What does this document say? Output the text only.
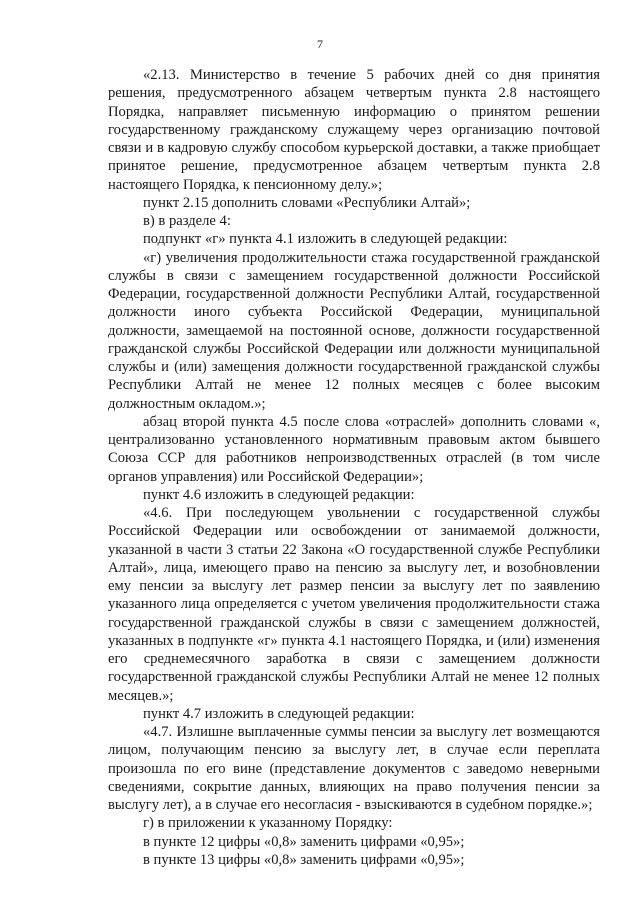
7

«2.13. Министерство в течение 5 рабочих дней со дня принятия решения, предусмотренного абзацем четвертым пункта 2.8 настоящего Порядка, направляет письменную информацию о принятом решении государственному гражданскому служащему через организацию почтовой связи и в кадровую службу способом курьерской доставки, а также приобщает принятое решение, предусмотренное абзацем четвертым пункта 2.8 настоящего Порядка, к пенсионному делу.»;

пункт 2.15 дополнить словами «Республики Алтай»;

в) в разделе 4:

подпункт «г» пункта 4.1 изложить в следующей редакции:

«г) увеличения продолжительности стажа государственной гражданской службы в связи с замещением государственной должности Российской Федерации, государственной должности Республики Алтай, государственной должности иного субъекта Российской Федерации, муниципальной должности, замещаемой на постоянной основе, должности государственной гражданской службы Российской Федерации или должности муниципальной службы и (или) замещения должности государственной гражданской службы Республики Алтай не менее 12 полных месяцев с более высоким должностным окладом.»;

абзац второй пункта 4.5 после слова «отраслей» дополнить словами «, централизованно установленного нормативным правовым актом бывшего Союза ССР для работников непроизводственных отраслей (в том числе органов управления) или Российской Федерации»;

пункт 4.6 изложить в следующей редакции:

«4.6. При последующем увольнении с государственной службы Российской Федерации или освобождении от занимаемой должности, указанной в части 3 статьи 22 Закона «О государственной службе Республики Алтай», лица, имеющего право на пенсию за выслугу лет, и возобновлении ему пенсии за выслугу лет размер пенсии за выслугу лет по заявлению указанного лица определяется с учетом увеличения продолжительности стажа государственной гражданской службы в связи с замещением должностей, указанных в подпункте «г» пункта 4.1 настоящего Порядка, и (или) изменения его среднемесячного заработка в связи с замещением должности государственной гражданской службы Республики Алтай не менее 12 полных месяцев.»;

пункт 4.7 изложить в следующей редакции:

«4.7. Излишне выплаченные суммы пенсии за выслугу лет возмещаются лицом, получающим пенсию за выслугу лет, в случае если переплата произошла по его вине (представление документов с заведомо неверными сведениями, сокрытие данных, влияющих на право получения пенсии за выслугу лет), а в случае его несогласия - взыскиваются в судебном порядке.»;

г) в приложении к указанному Порядку:

в пункте 12 цифры «0,8» заменить цифрами «0,95»;

в пункте 13 цифры «0,8» заменить цифрами «0,95»;
